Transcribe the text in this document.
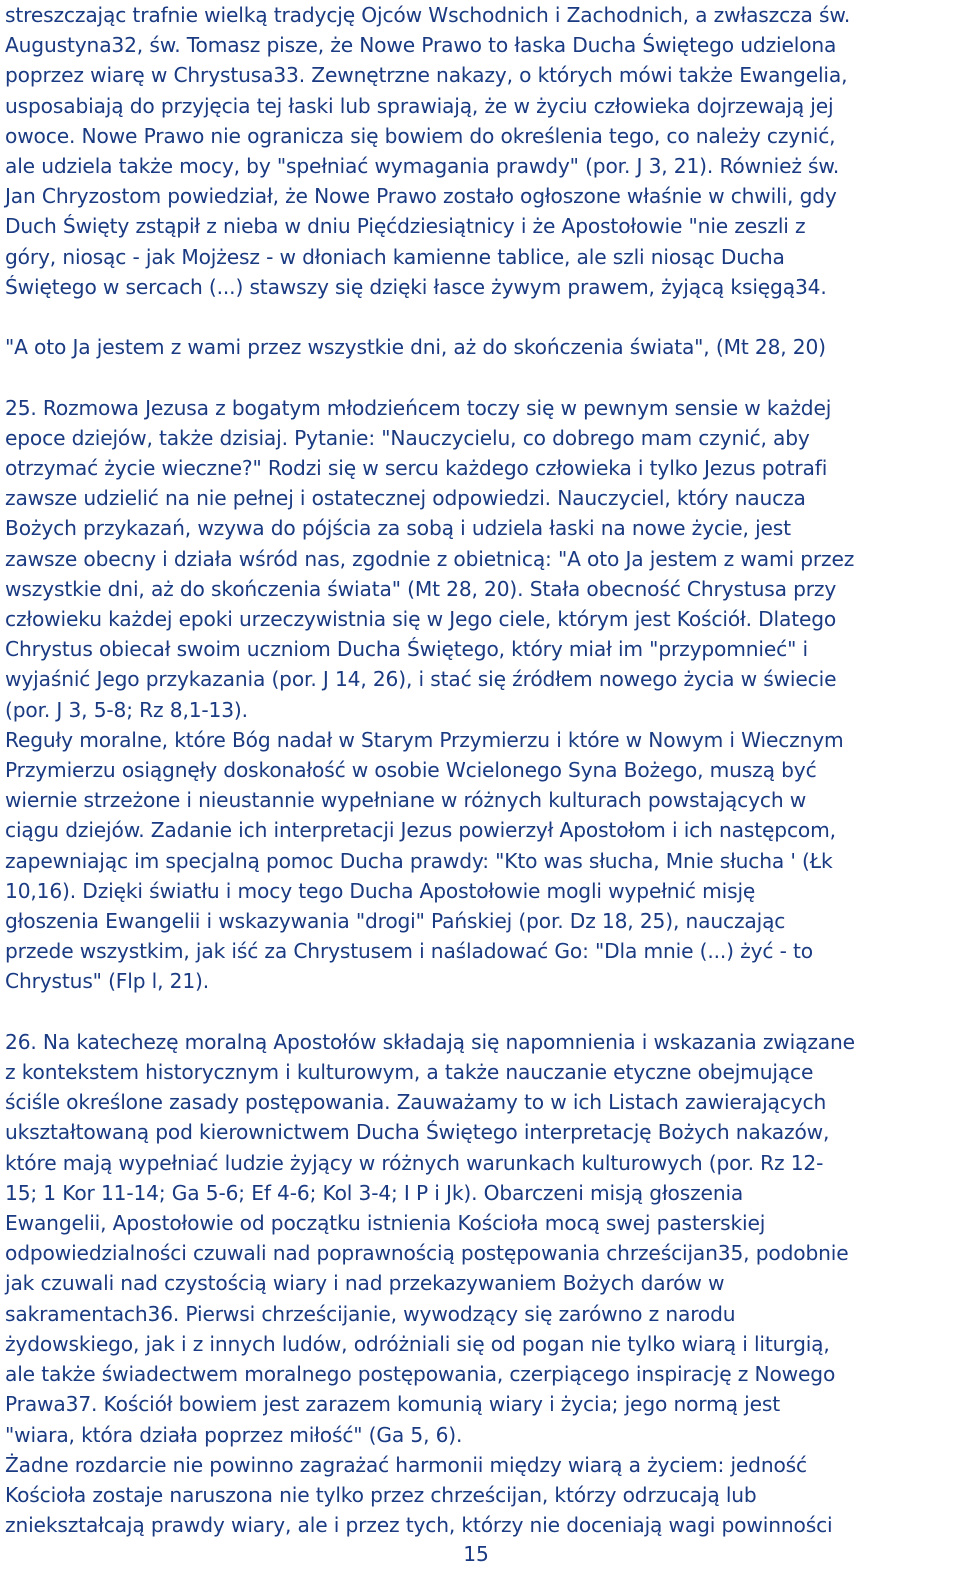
streszczając trafnie wielką tradycję Ojców Wschodnich i Zachodnich, a zwłaszcza św.
Augustyna32, św. Tomasz pisze, że Nowe Prawo to łaska Ducha Świętego udzielona
poprzez wiarę w Chrystusa33. Zewnętrzne nakazy, o których mówi także Ewangelia,
usposabiają do przyjęcia tej łaski lub sprawiają, że w życiu człowieka dojrzewają jej
owoce. Nowe Prawo nie ogranicza się bowiem do określenia tego, co należy czynić,
ale udziela także mocy, by "spełniać wymagania prawdy" (por. J 3, 21). Również św.
Jan Chryzostom powiedział, że Nowe Prawo zostało ogłoszone właśnie w chwili, gdy
Duch Święty zstąpił z nieba w dniu Pięćdziesiątnicy i że Apostołowie "nie zeszli z
góry, niosąc - jak Mojżesz - w dłoniach kamienne tablice, ale szli niosąc Ducha
Świętego w sercach (...) stawszy się dzięki łasce żywym prawem, żyjącą księgą34.
"A oto Ja jestem z wami przez wszystkie dni, aż do skończenia świata", (Mt 28, 20)
25. Rozmowa Jezusa z bogatym młodzieńcem toczy się w pewnym sensie w każdej
epoce dziejów, także dzisiaj. Pytanie: "Nauczycielu, co dobrego mam czynić, aby
otrzymać życie wieczne?" Rodzi się w sercu każdego człowieka i tylko Jezus potrafi
zawsze udzielić na nie pełnej i ostatecznej odpowiedzi. Nauczyciel, który naucza
Bożych przykazań, wzywa do pójścia za sobą i udziela łaski na nowe życie, jest
zawsze obecny i działa wśród nas, zgodnie z obietnicą: "A oto Ja jestem z wami przez
wszystkie dni, aż do skończenia świata" (Mt 28, 20). Stała obecność Chrystusa przy
człowieku każdej epoki urzeczywistnia się w Jego ciele, którym jest Kościół. Dlatego
Chrystus obiecał swoim uczniom Ducha Świętego, który miał im "przypomnieć" i
wyjaśnić Jego przykazania (por. J 14, 26), i stać się źródłem nowego życia w świecie
(por. J 3, 5-8; Rz 8,1-13).
Reguły moralne, które Bóg nadał w Starym Przymierzu i które w Nowym i Wiecznym
Przymierzu osiągnęły doskonałość w osobie Wcielonego Syna Bożego, muszą być
wiernie strzeżone i nieustannie wypełniane w różnych kulturach powstających w
ciągu dziejów. Zadanie ich interpretacji Jezus powierzył Apostołom i ich następcom,
zapewniając im specjalną pomoc Ducha prawdy: "Kto was słucha, Mnie słucha ' (Łk
10,16). Dzięki światłu i mocy tego Ducha Apostołowie mogli wypełnić misję
głoszenia Ewangelii i wskazywania "drogi" Pańskiej (por. Dz 18, 25), nauczając
przede wszystkim, jak iść za Chrystusem i naśladować Go: "Dla mnie (...) żyć - to
Chrystus" (Flp l, 21).
26. Na katechezę moralną Apostołów składają się napomnienia i wskazania związane
z kontekstem historycznym i kulturowym, a także nauczanie etyczne obejmujące
ściśle określone zasady postępowania. Zauważamy to w ich Listach zawierających
ukształtowaną pod kierownictwem Ducha Świętego interpretację Bożych nakazów,
które mają wypełniać ludzie żyjący w różnych warunkach kulturowych (por. Rz 12-
15; 1 Kor 11-14; Ga 5-6; Ef 4-6; Kol 3-4; I P i Jk). Obarczeni misją głoszenia
Ewangelii, Apostołowie od początku istnienia Kościoła mocą swej pasterskiej
odpowiedzialności czuwali nad poprawnością postępowania chrześcijan35, podobnie
jak czuwali nad czystością wiary i nad przekazywaniem Bożych darów w
sakramentach36. Pierwsi chrześcijanie, wywodzący się zarówno z narodu
żydowskiego, jak i z innych ludów, odróżniali się od pogan nie tylko wiarą i liturgią,
ale także świadectwem moralnego postępowania, czerpiącego inspirację z Nowego
Prawa37. Kościół bowiem jest zarazem komunią wiary i życia; jego normą jest
"wiara, która działa poprzez miłość" (Ga 5, 6).
Żadne rozdarcie nie powinno zagrażać harmonii między wiarą a życiem: jedność
Kościoła zostaje naruszona nie tylko przez chrześcijan, którzy odrzucają lub
zniekształcają prawdy wiary, ale i przez tych, którzy nie doceniają wagi powinności
15
